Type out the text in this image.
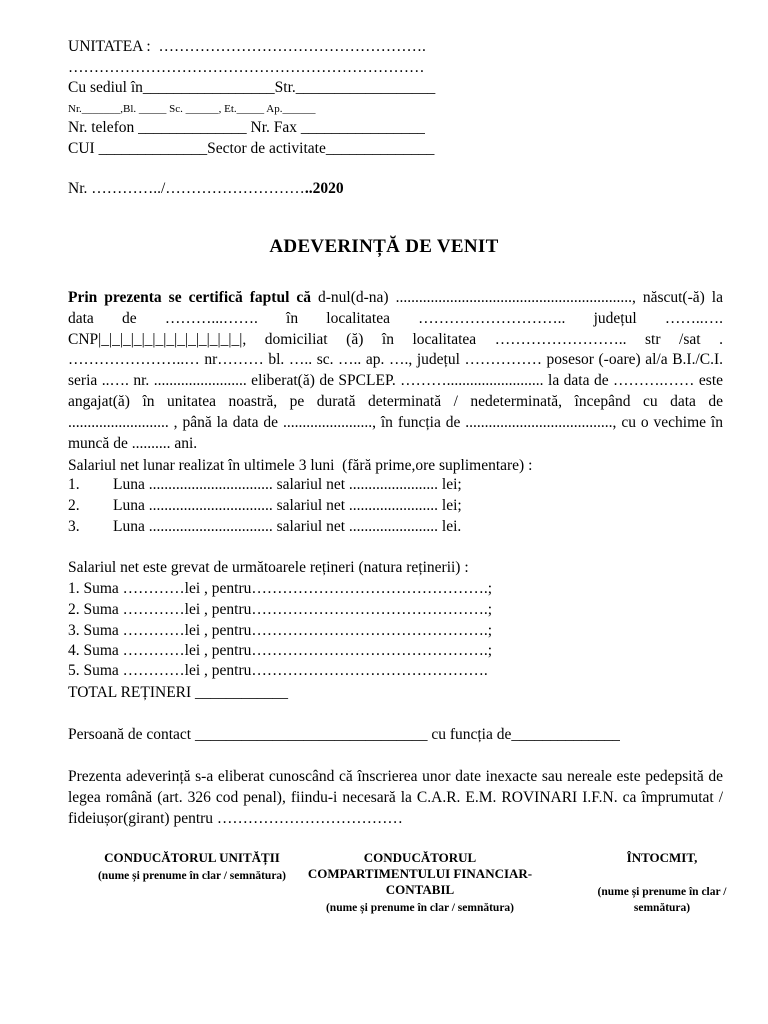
UNITATEA :  …………………………………………….
……………………………………………………………
Cu sediul în_________________Str.__________________
Nr._______,Bl. _____ Sc. ______, Et._____ Ap.______
Nr. telefon ______________ Nr. Fax ________________
CUI ______________Sector de activitate______________
Nr. …………../………………………..2020
ADEVERINȚĂ DE VENIT
Prin prezenta se certifică faptul că d-nul(d-na) ............................................................., născut(-ă) la data de ………...……. în localitatea ……………………….. județul ……..…. CNP|_|_|_|_|_|_|_|_|_|_|_|_|_|, domiciliat (ă) în localitatea …………………….. str /sat . …………………..… nr……… bl. ….. sc. ….. ap. …., județul …………… posesor (-oare) al/a B.I./C.I. seria ..…. nr. ........................ eliberat(ă) de SPCLEP. ………......................... la data de ……….…… este angajat(ă) în unitatea noastră, pe durată determinată / nedeterminată, începând cu data de .......................... , până la data de ......................., în funcția de ......................................, cu o vechime în muncă de .......... ani.
Salariul net lunar realizat în ultimele 3 luni  (fără prime,ore suplimentare) :
1. Luna ................................ salariul net ....................... lei;
2. Luna ................................ salariul net ....................... lei;
3. Luna ................................ salariul net ....................... lei.
Salariul net este grevat de următoarele rețineri (natura reținerii) :
1. Suma …………lei , pentru……………………………………….;
2. Suma …………lei , pentru……………………………………….;
3. Suma …………lei , pentru……………………………………….;
4. Suma …………lei , pentru……………………………………….;
5. Suma …………lei , pentru……………………………………….
TOTAL REȚINERI ____________
Persoană de contact ______________________________ cu funcția de______________
Prezenta adeverință s-a eliberat cunoscând că înscrierea unor date inexacte sau nereale este pedepsită de legea română (art. 326 cod penal), fiindu-i necesară la C.A.R. E.M. ROVINARI I.F.N. ca împrumutat / fideiușor(girant) pentru ………………………………
CONDUCĂTORUL UNITĂȚII
(nume și prenume în clar / semnătura)
CONDUCĂTORUL COMPARTIMENTULUI FINANCIAR-CONTABIL
(nume și prenume în clar / semnătura)
ÎNTOCMIT,
(nume și prenume în clar / semnătura)
